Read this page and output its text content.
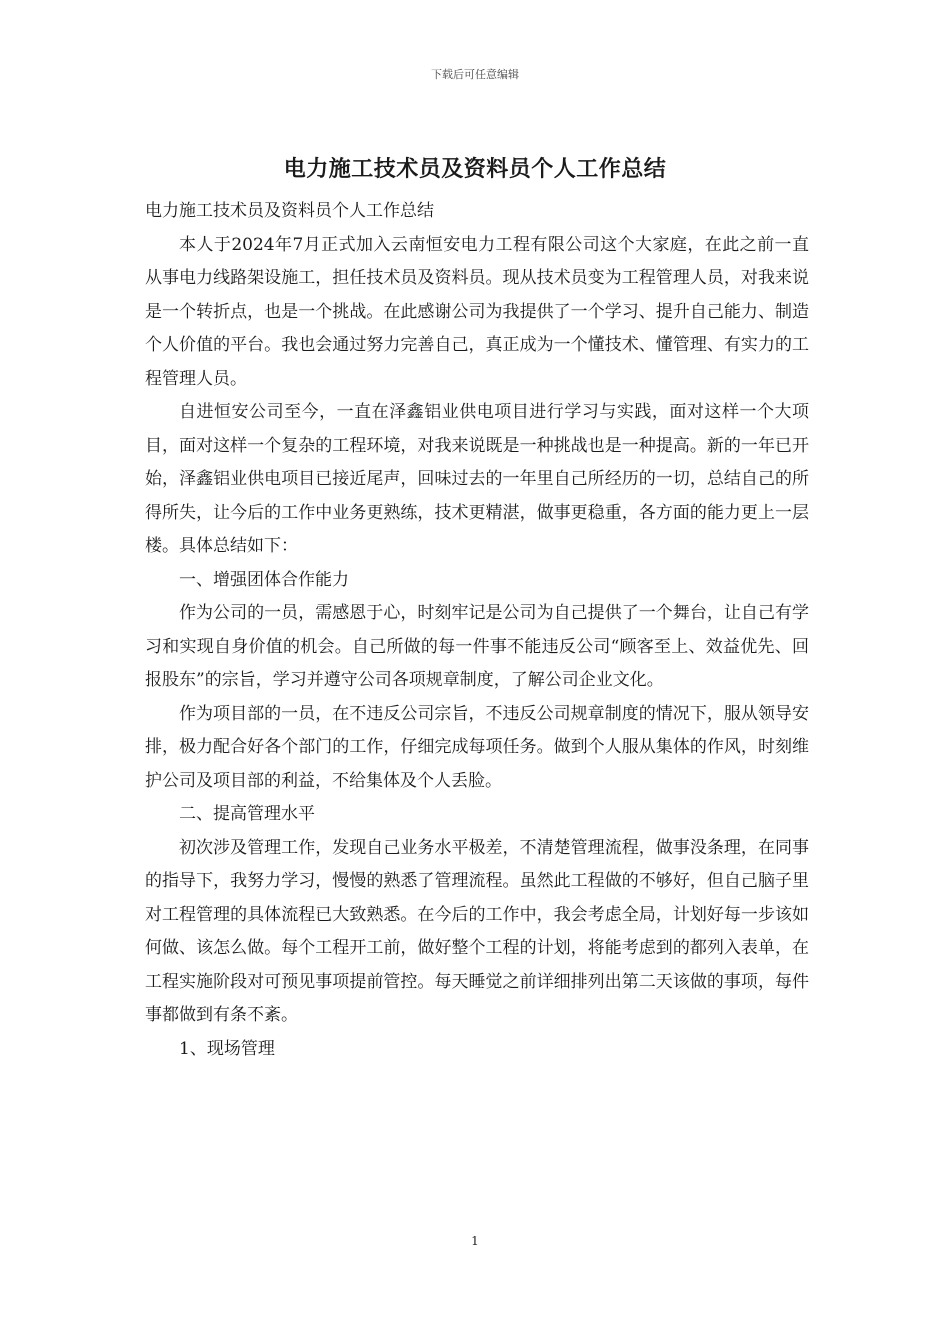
下载后可任意编辑
电力施工技术员及资料员个人工作总结

电力施工技术员及资料员个人工作总结

本人于2024年7月正式加入云南恒安电力工程有限公司这个大家庭，在此之前一直从事电力线路架设施工，担任技术员及资料员。现从技术员变为工程管理人员，对我来说是一个转折点，也是一个挑战。在此感谢公司为我提供了一个学习、提升自己能力、制造个人价值的平台。我也会通过努力完善自己，真正成为一个懂技术、懂管理、有实力的工程管理人员。

自进恒安公司至今，一直在泽鑫铝业供电项目进行学习与实践，面对这样一个大项目，面对这样一个复杂的工程环境，对我来说既是一种挑战也是一种提高。新的一年已开始，泽鑫铝业供电项目已接近尾声，回味过去的一年里自己所经历的一切，总结自己的所得所失，让今后的工作中业务更熟练，技术更精湛，做事更稳重，各方面的能力更上一层楼。具体总结如下：

一、增强团体合作能力

作为公司的一员，需感恩于心，时刻牢记是公司为自己提供了一个舞台，让自己有学习和实现自身价值的机会。自己所做的每一件事不能违反公司“顾客至上、效益优先、回报股东”的宗旨，学习并遵守公司各项规章制度，了解公司企业文化。

作为项目部的一员，在不违反公司宗旨，不违反公司规章制度的情况下，服从领导安排，极力配合好各个部门的工作，仔细完成每项任务。做到个人服从集体的作风，时刻维护公司及项目部的利益，不给集体及个人丢脸。

二、提高管理水平

初次涉及管理工作，发现自己业务水平极差，不清楚管理流程，做事没条理，在同事的指导下，我努力学习，慢慢的熟悉了管理流程。虽然此工程做的不够好，但自己脑子里对工程管理的具体流程已大致熟悉。在今后的工作中，我会考虑全局，计划好每一步该如何做、该怎么做。每个工程开工前，做好整个工程的计划，将能考虑到的都列入表单，在工程实施阶段对可预见事项提前管控。每天睡觉之前详细排列出第二天该做的事项，每件事都做到有条不紊。

1、现场管理

1
